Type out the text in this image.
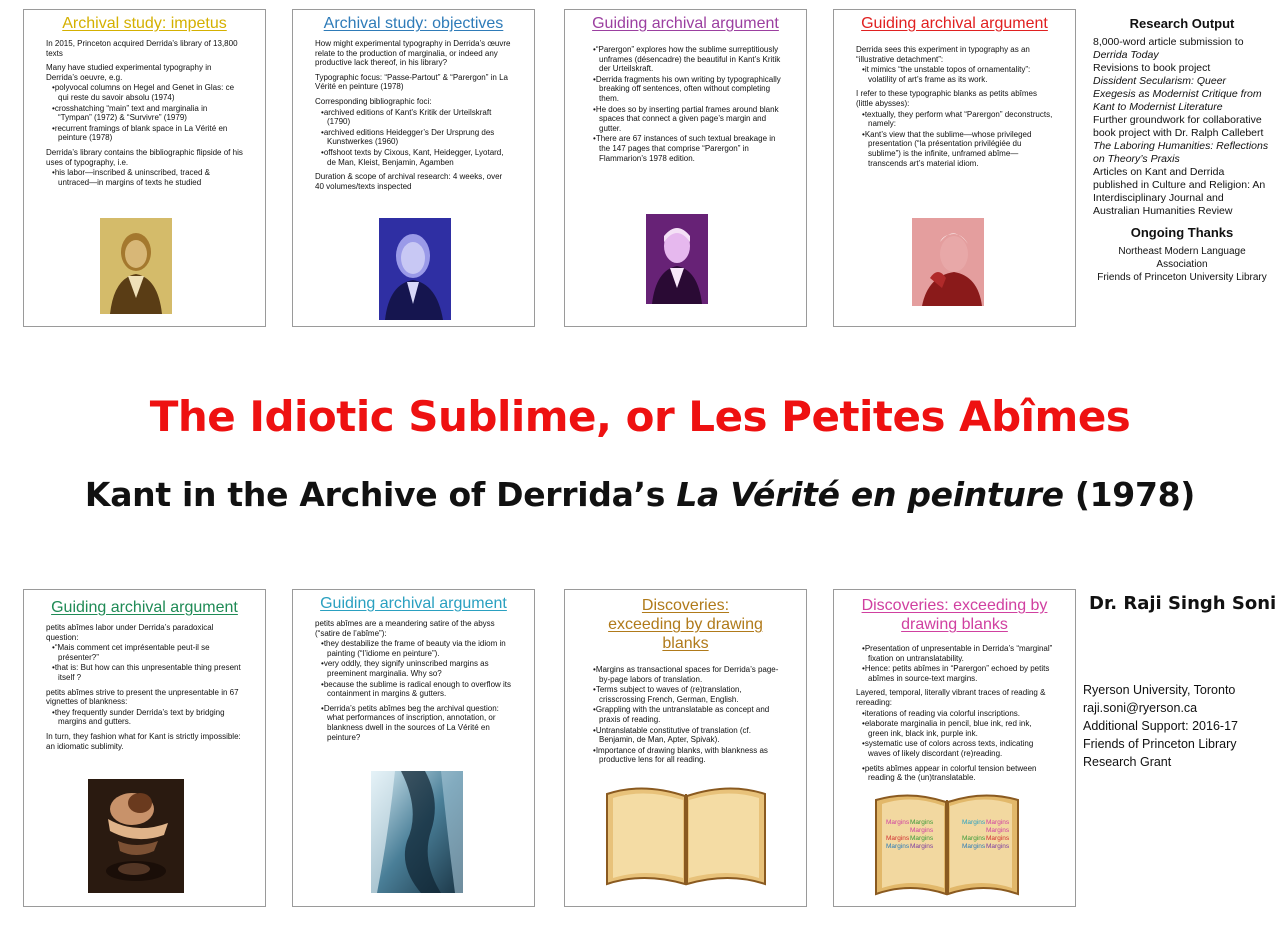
Archival study: impetus

In 2015, Princeton acquired Derrida’s library of 13,800 texts

Many have studied experimental typography in Derrida’s oeuvre, e.g.

• polyvocal columns on Hegel and Genet in Glas: ce qui reste du savoir absolu (1974)
• crosshatching “main” text and marginalia in “Tympan” (1972) & “Survivre” (1979)
• recurrent framings of blank space in La Vérité en peinture (1978)

Derrida’s library contains the bibliographic flipside of his uses of typography, i.e.

• his labor—inscribed & uninscribed, traced & untraced—in margins of texts he studied
Archival study: objectives

How might experimental typography in Derrida’s œuvre relate to the production of marginalia, or indeed any productive lack thereof, in his library?

Typographic focus: “Passe-Partout” & “Parergon” in La Vérité en peinture (1978)

Corresponding bibliographic foci:

• archived editions of Kant’s Kritik der Urteilskraft (1790)
• archived editions Heidegger’s Der Ursprung des Kunstwerkes (1960)
• offshoot texts by Cixous, Kant, Heidegger, Lyotard, de Man, Kleist, Benjamin, Agamben

Duration & scope of archival research: 4 weeks, over 40 volumes/texts inspected

Guiding archival argument
• “Parergon” explores how the sublime surreptitiously unframes (désencadre) the beautiful in Kant’s Kritik der Urteilskraft.
• Derrida fragments his own writing by typographically breaking off sentences, often without completing them.
• He does so by inserting partial frames around blank spaces that connect a given page’s margin and gutter.
• There are 67 instances of such textual breakage in the 147 pages that comprise “Parergon” in Flammarion’s 1978 edition.
Guiding archival argument

Derrida sees this experiment in typography as an “illustrative detachment”:

• it mimics “the unstable topos of ornamentality”: volatility of art’s frame as its work.

I refer to these typographic blanks as petits abîmes (little abysses):

• textually, they perform what “Parergon” deconstructs, namely:
• Kant’s view that the sublime—whose privileged presentation (“la présentation privilégiée du sublime”) is the infinite, unframed abîme—transcends art’s material idiom.
Research Output
8,000-word article submission to
Derrida Today
Revisions to book project
Dissident Secularism: Queer Exegesis as Modernist Critique from Kant to Modernist Literature
Further groundwork for collaborative book project with Dr. Ralph Callebert
The Laboring Humanities: Reflections on Theory’s Praxis
Articles on Kant and Derrida published in Culture and Religion: An Interdisciplinary Journal and Australian Humanities Review
Ongoing Thanks
Northeast Modern Language Association
Friends of Princeton University Library
The Idiotic Sublime, or Les Petites Abîmes
Kant in the Archive of Derrida’s La Vérité en peinture (1978)
Guiding archival argument

petits abîmes labor under Derrida’s paradoxical question:

• “Mais comment cet imprésentable peut-il se présenter?”
• that is: But how can this unpresentable thing present itself ?

petits abîmes strive to present the unpresentable in 67 vignettes of blankness:

• they frequently sunder Derrida’s text by bridging margins and gutters.

In turn, they fashion what for Kant is strictly impossible: an idiomatic sublimity.

Guiding archival argument

petits abîmes are a meandering satire of the abyss (“satire de l’abîme”):

• they destabilize the frame of beauty via the idiom in painting (“l’idiome en peinture”).
• very oddly, they signify uninscribed margins as preeminent marginalia. Why so?
• because the sublime is radical enough to overflow its containment in margins & gutters.
• Derrida’s petits abîmes beg the archival question: what performances of inscription, annotation, or blankness dwell in the sources of La Vérité en peinture?
Discoveries: exceeding by drawing blanks
• Margins as transactional spaces for Derrida’s page-by-page labors of translation.
• Terms subject to waves of (re)translation, crisscrossing French, German, English.
• Grappling with the untranslatable as concept and praxis of reading.
• Untranslatable constitutive of translation (cf. Benjamin, de Man, Apter, Spivak).
• Importance of drawing blanks, with blankness as productive lens for all reading.
Discoveries: exceeding by drawing blanks
• Presentation of unpresentable in Derrida’s “marginal” fixation on untranslatability.
• Hence: petits abîmes in “Parergon” echoed by petits abîmes in source-text margins.

Layered, temporal, literally vibrant traces of reading & rereading:

• iterations of reading via colorful inscriptions.
• elaborate marginalia in pencil, blue ink, red ink, green ink, black ink, purple ink.
• systematic use of colors across texts, indicating waves of likely discordant (re)reading.
• petits abîmes appear in colorful tension between reading & the (un)translatable.
Margins Margins
Margins
Margins Margins
Margins Margins
Margins Margins
Margins
Margins Margins
Margins Margins
Dr. Raji Singh Soni
Ryerson University, Toronto
raji.soni@ryerson.ca
Additional Support: 2016-17
Friends of Princeton Library
Research Grant
